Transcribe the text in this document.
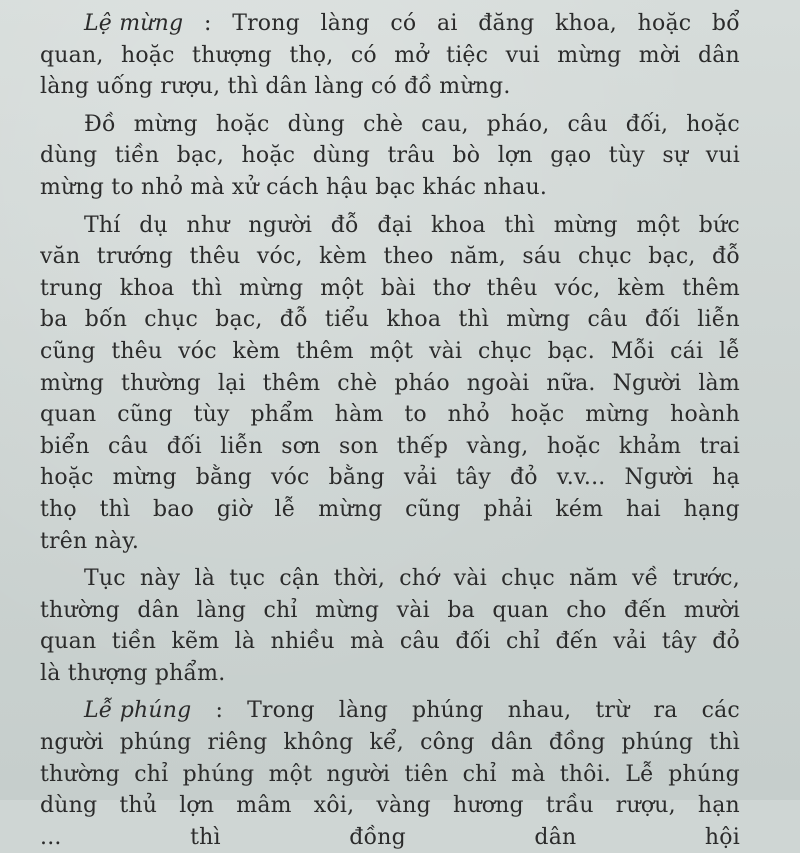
Lệ mừng : Trong làng có ai đăng khoa, hoặc bổ
quan, hoặc thượng thọ, có mở tiệc vui mừng mời dân
làng uống rượu, thì dân làng có đồ mừng.
Đồ mừng hoặc dùng chè cau, pháo, câu đối, hoặc
dùng tiền bạc, hoặc dùng trâu bò lợn gạo tùy sự vui
mừng to nhỏ mà xử cách hậu bạc khác nhau.
Thí dụ như người đỗ đại khoa thì mừng một bức
văn trướng thêu vóc, kèm theo năm, sáu chục bạc, đỗ
trung khoa thì mừng một bài thơ thêu vóc, kèm thêm
ba bốn chục bạc, đỗ tiểu khoa thì mừng câu đối liễn
cũng thêu vóc kèm thêm một vài chục bạc. Mỗi cái lễ
mừng thường lại thêm chè pháo ngoài nữa. Người làm
quan cũng tùy phẩm hàm to nhỏ hoặc mừng hoành
biển câu đối liễn sơn son thếp vàng, hoặc khảm trai
hoặc mừng bằng vóc bằng vải tây đỏ v.v... Người hạ
thọ thì bao giờ lễ mừng cũng phải kém hai hạng
trên này.
Tục này là tục cận thời, chớ vài chục năm về trước,
thường dân làng chỉ mừng vài ba quan cho đến mười
quan tiền kẽm là nhiều mà câu đối chỉ đến vải tây đỏ
là thượng phẩm.
Lễ phúng : Trong làng phúng nhau, trừ ra các
người phúng riêng không kể, công dân đồng phúng thì
thường chỉ phúng một người tiên chỉ mà thôi. Lễ phúng
dùng thủ lợn mâm xôi, vàng hương trầu rượu, hạn
...	thì	đồng	dân	hội
